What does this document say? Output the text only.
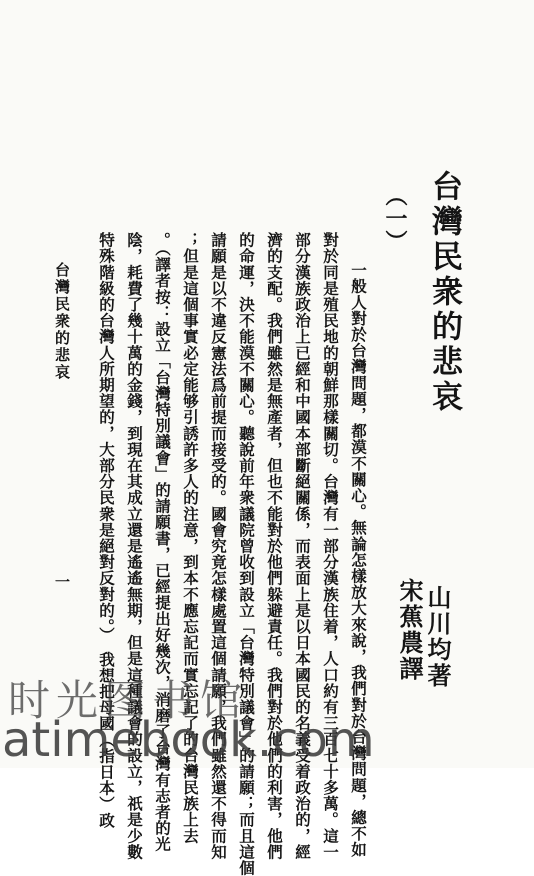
台灣民衆的悲哀
（一）
山川均著
宋蕉農譯
一般人對於台灣問題，都漠不關心。無論怎樣放大來說，我們對於台灣問題，總不如
對於同是殖民地的朝鮮那樣關切。台灣有一部分漢族住着，人口約有三百七十多萬。這一
部分漢族政治上已經和中國本部斷絕關係，而表面上是以日本國民的名義受着政治的，經
濟的支配。我們雖然是無產者，但也不能對於他們躲避責任。我們對於他們的利害，他們
的命運，決不能漠不關心。聽說前年衆議院曾收到設立「台灣特別議會」的請願；而且這個
請願是以不違反憲法爲前提而接受的。國會究竟怎樣處置這個請願，我們雖然還不得而知
；但是這個事實必定能够引誘許多人的注意，到本不應忘記而實忘記了的台灣民族上去
。（譯者按：設立「台灣特別議會」的請願書，已經提出好幾次，消磨了台灣有志者的光
陰，耗費了幾十萬的金錢，到現在其成立還是遙遙無期，但是這種議會的設立，祇是少數
特殊階級的台灣人所期望的，大部分民衆是絕對反對的。）　我想把母國（指日本）政
台灣民衆的悲哀
一
时光图书馆
atimebook.com
